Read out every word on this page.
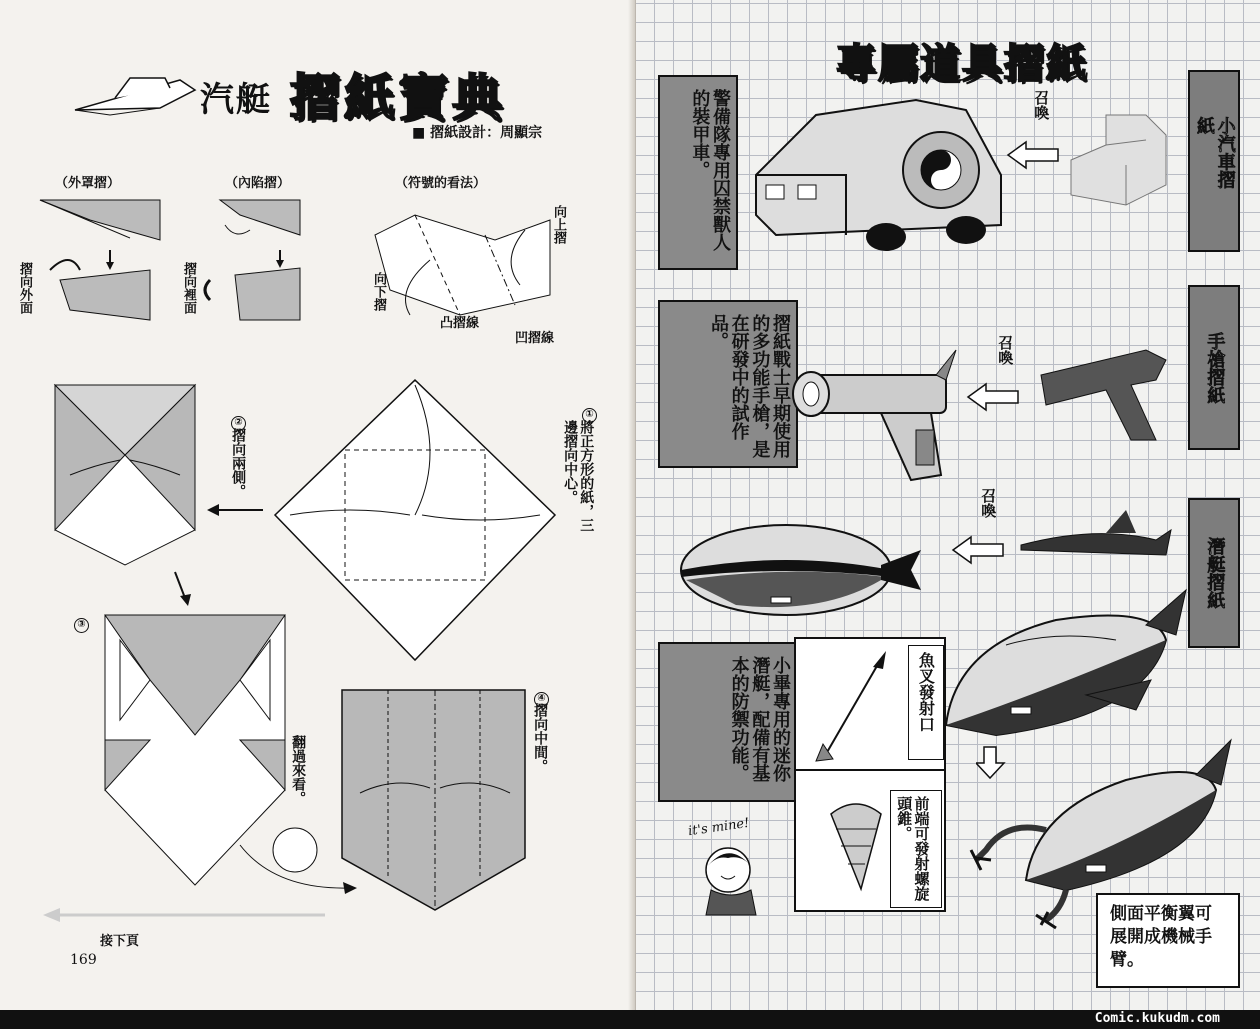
汽艇 摺紙寶典
■ 摺紙設計：周顯宗
（外罩摺）	（內陷摺）	（符號的看法）
摺向外面	摺向裡面
向上摺
向下摺
凸摺線
凹摺線
①
將正方形的紙，三邊摺向中心。
②
摺向兩側。
③
翻過來看。
④
摺向中間。
接下頁
169
專屬道具摺紙
警備隊專用囚禁獸人的裝甲車。	召喚
小汽車摺紙
摺紙戰士早期使用的多功能手槍，是在研發中的試作品。	召喚	手槍摺紙
召喚
潛艇摺紙
小畢專用的迷你潛艇，配備有基本的防禦功能。	魚叉發射口
前端可發射螺旋頭錐。
it's mine!
側面平衡翼可展開成機械手臂。
Comic.kukudm.com
